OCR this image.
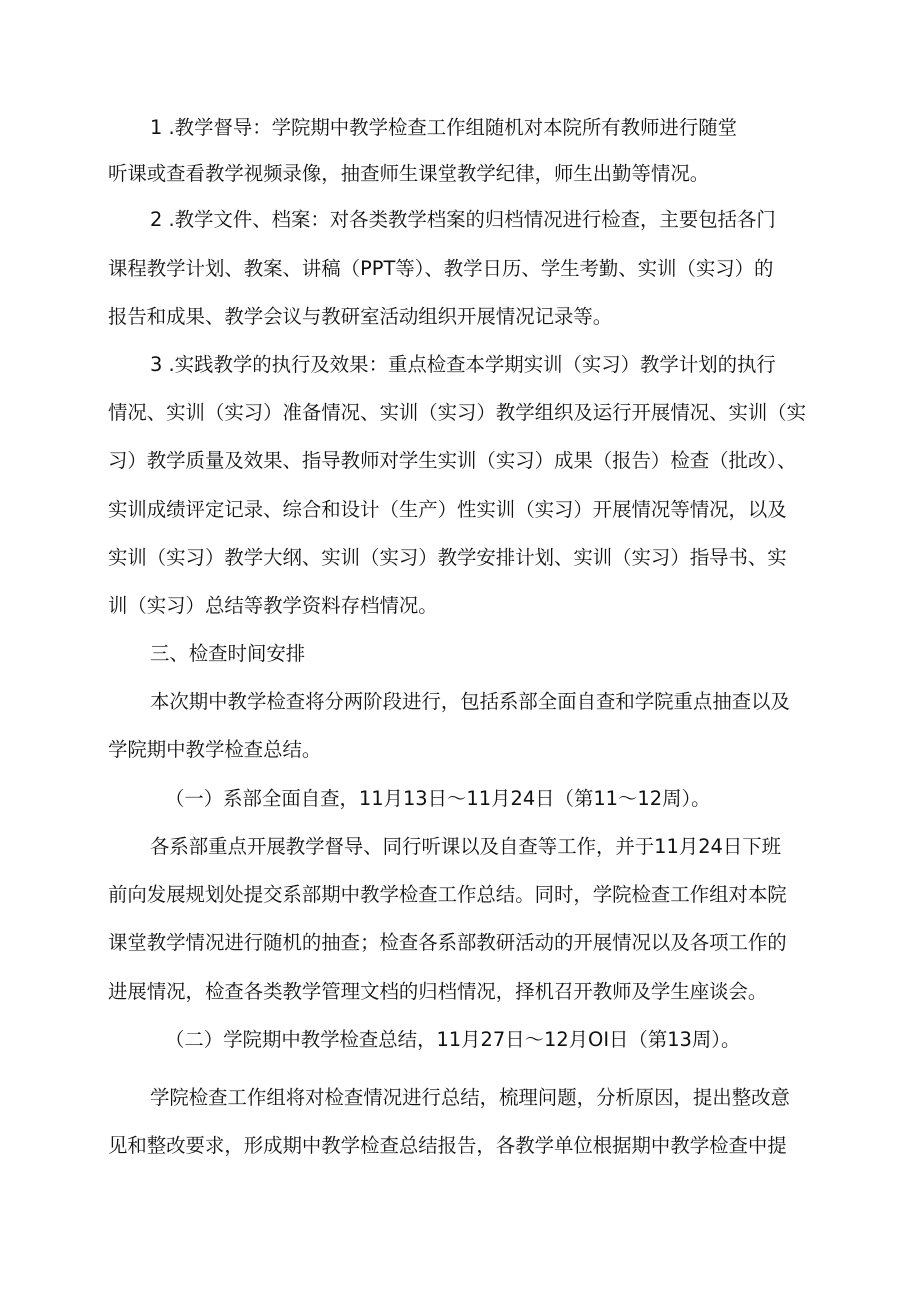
1 .教学督导：学院期中教学检查工作组随机对本院所有教师进行随堂
听课或查看教学视频录像，抽查师生课堂教学纪律，师生出勤等情况。
2 .教学文件、档案：对各类教学档案的归档情况进行检查，主要包括各门
课程教学计划、教案、讲稿（PPT等）、教学日历、学生考勤、实训（实习）的
报告和成果、教学会议与教研室活动组织开展情况记录等。
3 .实践教学的执行及效果：重点检查本学期实训（实习）教学计划的执行
情况、实训（实习）准备情况、实训（实习）教学组织及运行开展情况、实训（实
习）教学质量及效果、指导教师对学生实训（实习）成果（报告）检查（批改）、
实训成绩评定记录、综合和设计（生产）性实训（实习）开展情况等情况，以及
实训（实习）教学大纲、实训（实习）教学安排计划、实训（实习）指导书、实
训（实习）总结等教学资料存档情况。
三、检查时间安排
本次期中教学检查将分两阶段进行，包括系部全面自查和学院重点抽查以及
学院期中教学检查总结。
（一）系部全面自查，11月13日～11月24日（第11～12周）。
各系部重点开展教学督导、同行听课以及自查等工作，并于11月24日下班
前向发展规划处提交系部期中教学检查工作总结。同时，学院检查工作组对本院
课堂教学情况进行随机的抽查；检查各系部教研活动的开展情况以及各项工作的
进展情况，检查各类教学管理文档的归档情况，择机召开教师及学生座谈会。
（二）学院期中教学检查总结，11月27日～12月OI日（第13周）。
学院检查工作组将对检查情况进行总结，梳理问题，分析原因，提出整改意
见和整改要求，形成期中教学检查总结报告，各教学单位根据期中教学检查中提
